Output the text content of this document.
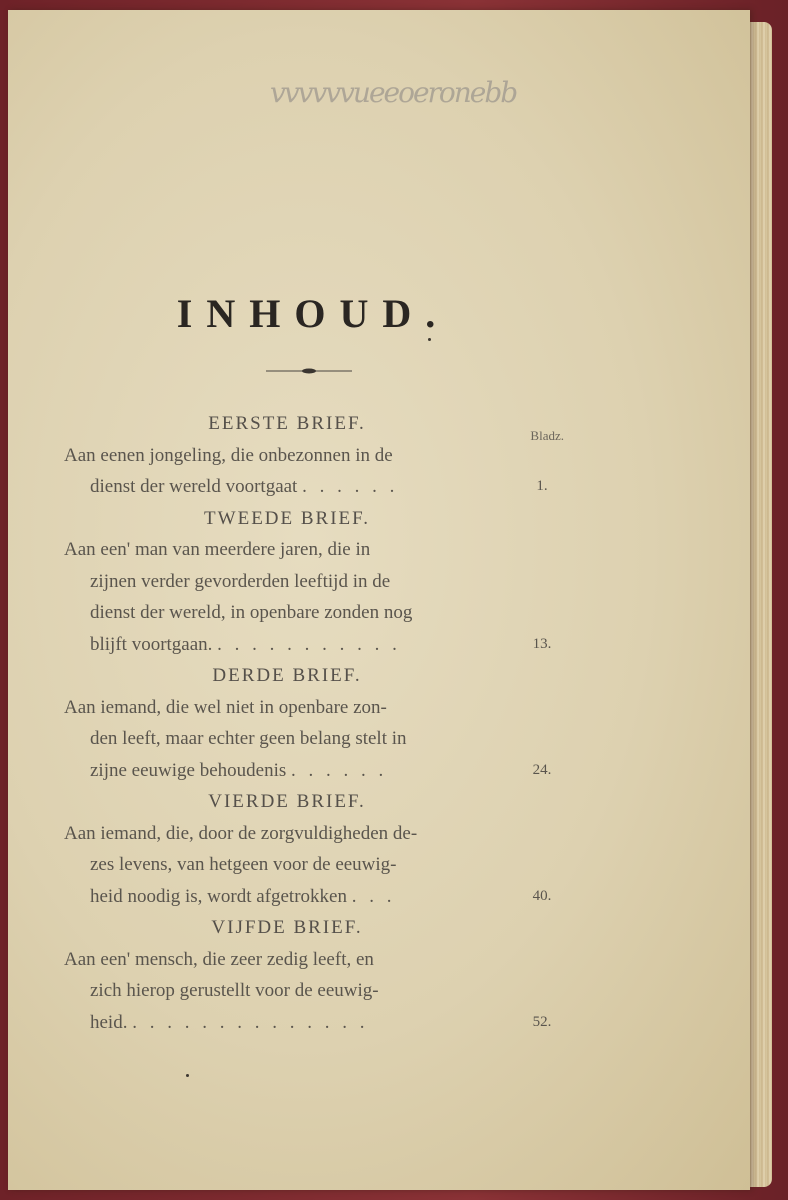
vvvvvvueeoeronebb
INHOUD.
Bladz.
EERSTE BRIEF.
Aan eenen jongeling, die onbezonnen in de
dienst der wereld voortgaat . . . . . .	1.
TWEEDE BRIEF.
Aan een' man van meerdere jaren, die in
zijnen verder gevorderden leeftijd in de
dienst der wereld, in openbare zonden nog
blijft voortgaan. . . . . . . . . . . .	13.
DERDE BRIEF.
Aan iemand, die wel niet in openbare zon-
den leeft, maar echter geen belang stelt in
zijne eeuwige behoudenis . . . . . .	24.
VIERDE BRIEF.
Aan iemand, die, door de zorgvuldigheden de-
zes levens, van hetgeen voor de eeuwig-
heid noodig is, wordt afgetrokken . . .	40.
VIJFDE BRIEF.
Aan een' mensch, die zeer zedig leeft, en
zich hierop gerustellt voor de eeuwig-
heid. . . . . . . . . . . . . . .	52.
